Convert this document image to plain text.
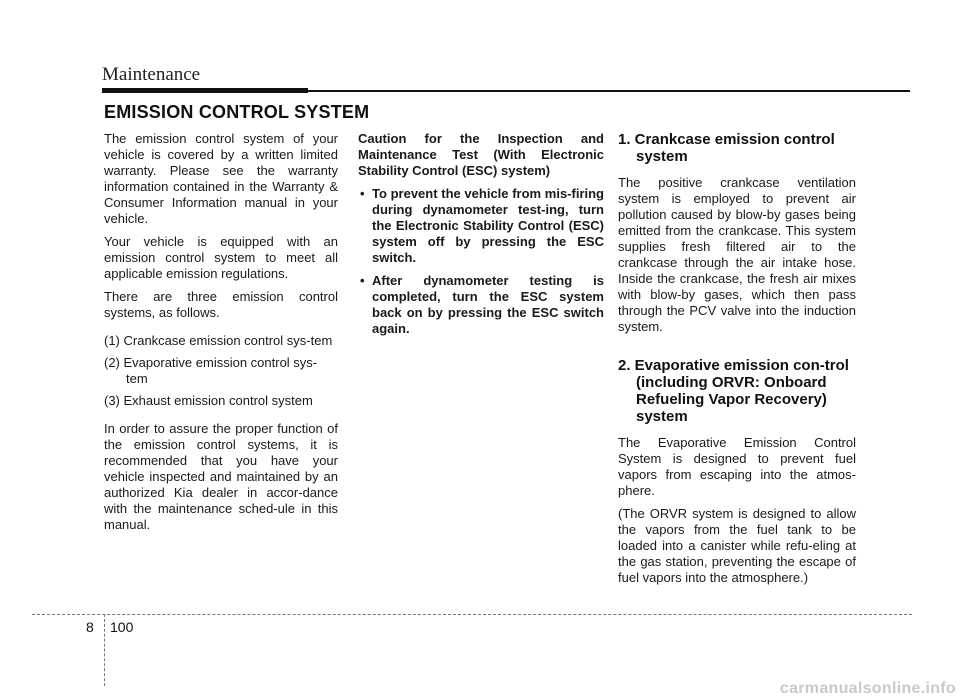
Maintenance
EMISSION CONTROL SYSTEM

The emission control system of your vehicle is covered by a written limited warranty. Please see the warranty information contained in the Warranty & Consumer Information manual in your vehicle.

Your vehicle is equipped with an emission control system to meet all applicable emission regulations.

There are three emission control systems, as follows.

(1) Crankcase emission control sys-tem
(2) Evaporative emission control sys-tem
(3) Exhaust emission control system

In order to assure the proper function of the emission control systems, it is recommended that you have your vehicle inspected and maintained by an authorized Kia dealer in accor-dance with the maintenance sched-ule in this manual.

Caution for the Inspection and Maintenance Test (With Electronic Stability Control (ESC) system)

• To prevent the vehicle from mis-firing during dynamometer test-ing, turn the Electronic Stability Control (ESC) system off by pressing the ESC switch.
• After dynamometer testing is completed, turn the ESC system back on by pressing the ESC switch again.
1. Crankcase emission control system

The positive crankcase ventilation system is employed to prevent air pollution caused by blow-by gases being emitted from the crankcase. This system supplies fresh filtered air to the crankcase through the air intake hose. Inside the crankcase, the fresh air mixes with blow-by gases, which then pass through the PCV valve into the induction system.

2. Evaporative emission con-trol (including ORVR: Onboard Refueling Vapor Recovery) system

The Evaporative Emission Control System is designed to prevent fuel vapors from escaping into the atmos-phere.

(The ORVR system is designed to allow the vapors from the fuel tank to be loaded into a canister while refu-eling at the gas station, preventing the escape of fuel vapors into the atmosphere.)

8 100
carmanualsonline.info
